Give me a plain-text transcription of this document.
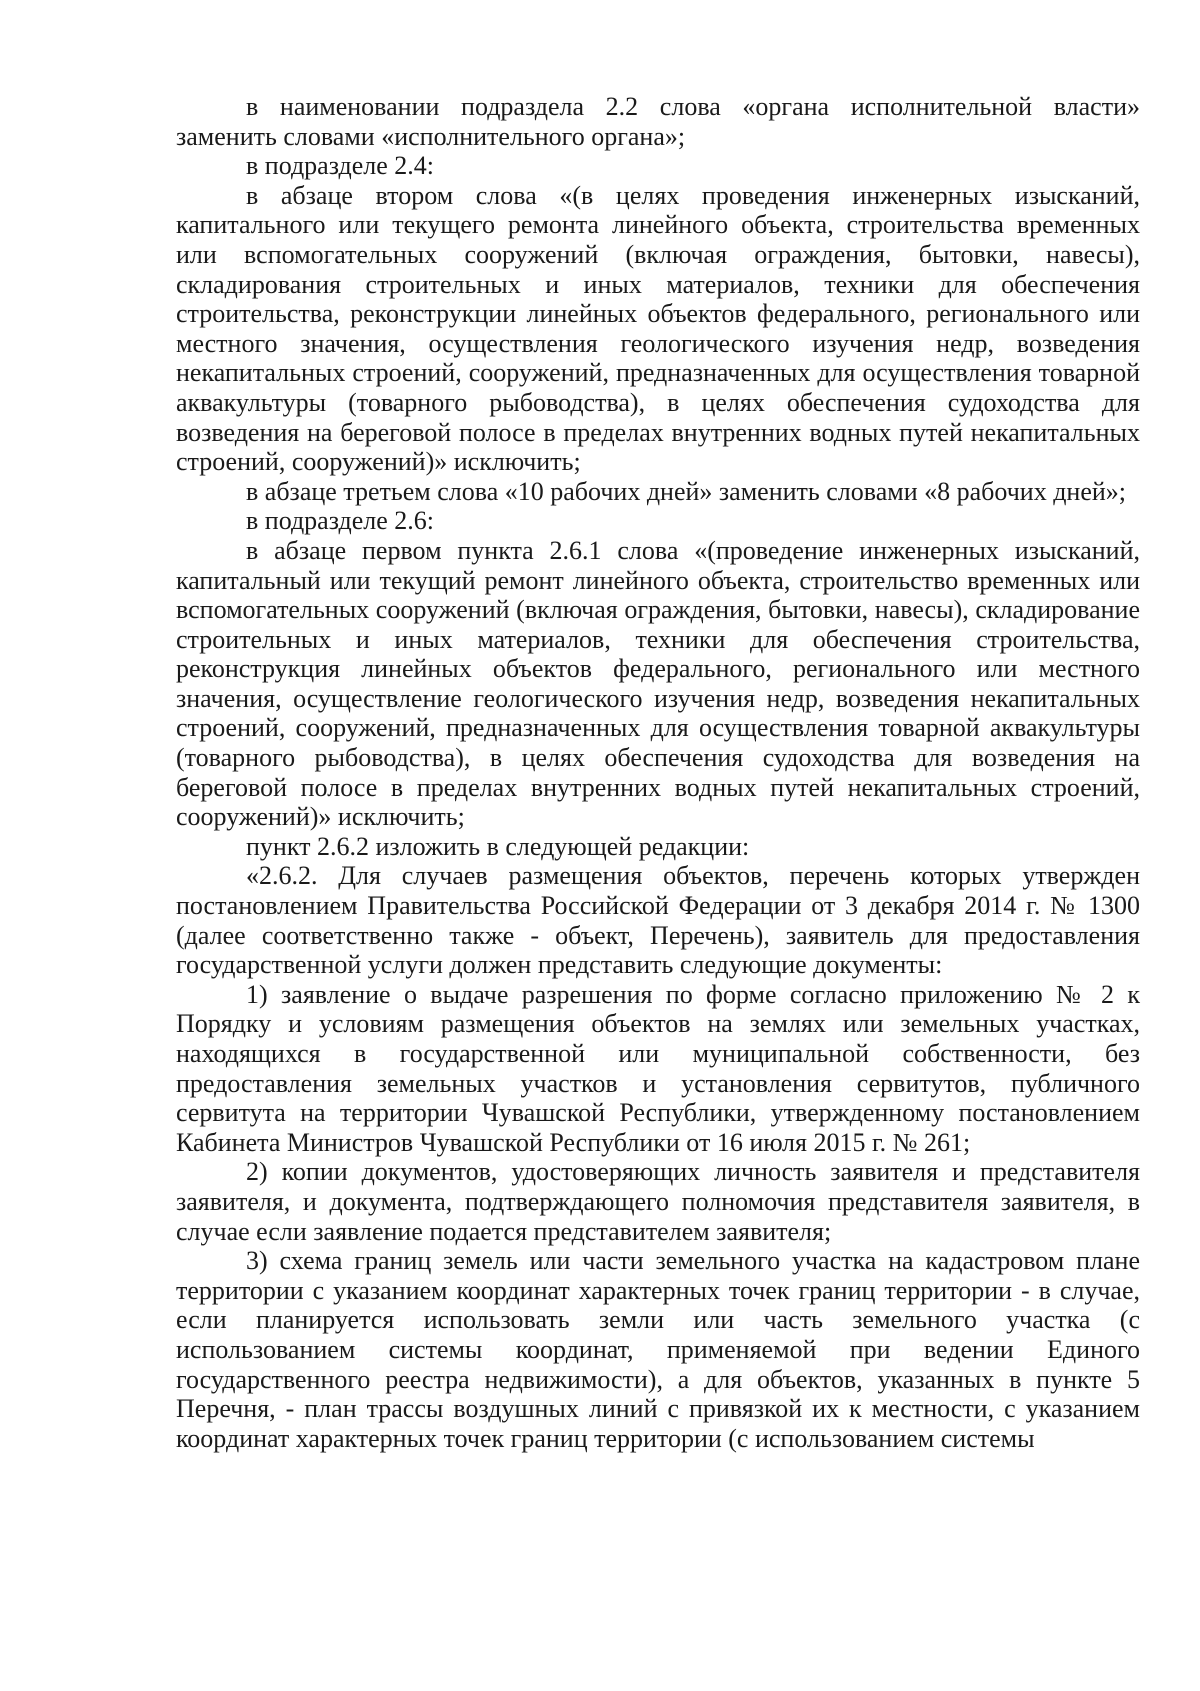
в наименовании подраздела 2.2 слова «органа исполнительной власти» заменить словами «исполнительного органа»;

в подразделе 2.4:

в абзаце втором слова «(в целях проведения инженерных изысканий, капитального или текущего ремонта линейного объекта, строительства временных или вспомогательных сооружений (включая ограждения, бытовки, навесы), складирования строительных и иных материалов, техники для обеспечения строительства, реконструкции линейных объектов федерального, регионального или местного значения, осуществления геологического изучения недр, возведения некапитальных строений, сооружений, предназначенных для осуществления товарной аквакультуры (товарного рыбоводства), в целях обеспечения судоходства для возведения на береговой полосе в пределах внутренних водных путей некапитальных строений, сооружений)» исключить;

в абзаце третьем слова «10 рабочих дней» заменить словами «8 рабочих дней»;

в подразделе 2.6:

в абзаце первом пункта 2.6.1 слова «(проведение инженерных изысканий, капитальный или текущий ремонт линейного объекта, строительство временных или вспомогательных сооружений (включая ограждения, бытовки, навесы), складирование строительных и иных материалов, техники для обеспечения строительства, реконструкция линейных объектов федерального, регионального или местного значения, осуществление геологического изучения недр, возведения некапитальных строений, сооружений, предназначенных для осуществления товарной аквакультуры (товарного рыбоводства), в целях обеспечения судоходства для возведения на береговой полосе в пределах внутренних водных путей некапитальных строений, сооружений)» исключить;

пункт 2.6.2 изложить в следующей редакции:

«2.6.2. Для случаев размещения объектов, перечень которых утвержден постановлением Правительства Российской Федерации от 3 декабря 2014 г. № 1300 (далее соответственно также - объект, Перечень), заявитель для предоставления государственной услуги должен представить следующие документы:

1) заявление о выдаче разрешения по форме согласно приложению № 2 к Порядку и условиям размещения объектов на землях или земельных участках, находящихся в государственной или муниципальной собственности, без предоставления земельных участков и установления сервитутов, публичного сервитута на территории Чувашской Республики, утвержденному постановлением Кабинета Министров Чувашской Республики от 16 июля 2015 г. № 261;

2) копии документов, удостоверяющих личность заявителя и представителя заявителя, и документа, подтверждающего полномочия представителя заявителя, в случае если заявление подается представителем заявителя;

3) схема границ земель или части земельного участка на кадастровом плане территории с указанием координат характерных точек границ территории - в случае, если планируется использовать земли или часть земельного участка (с использованием системы координат, применяемой при ведении Единого государственного реестра недвижимости), а для объектов, указанных в пункте 5 Перечня, - план трассы воздушных линий с привязкой их к местности, с указанием координат характерных точек границ территории (с использованием системы
